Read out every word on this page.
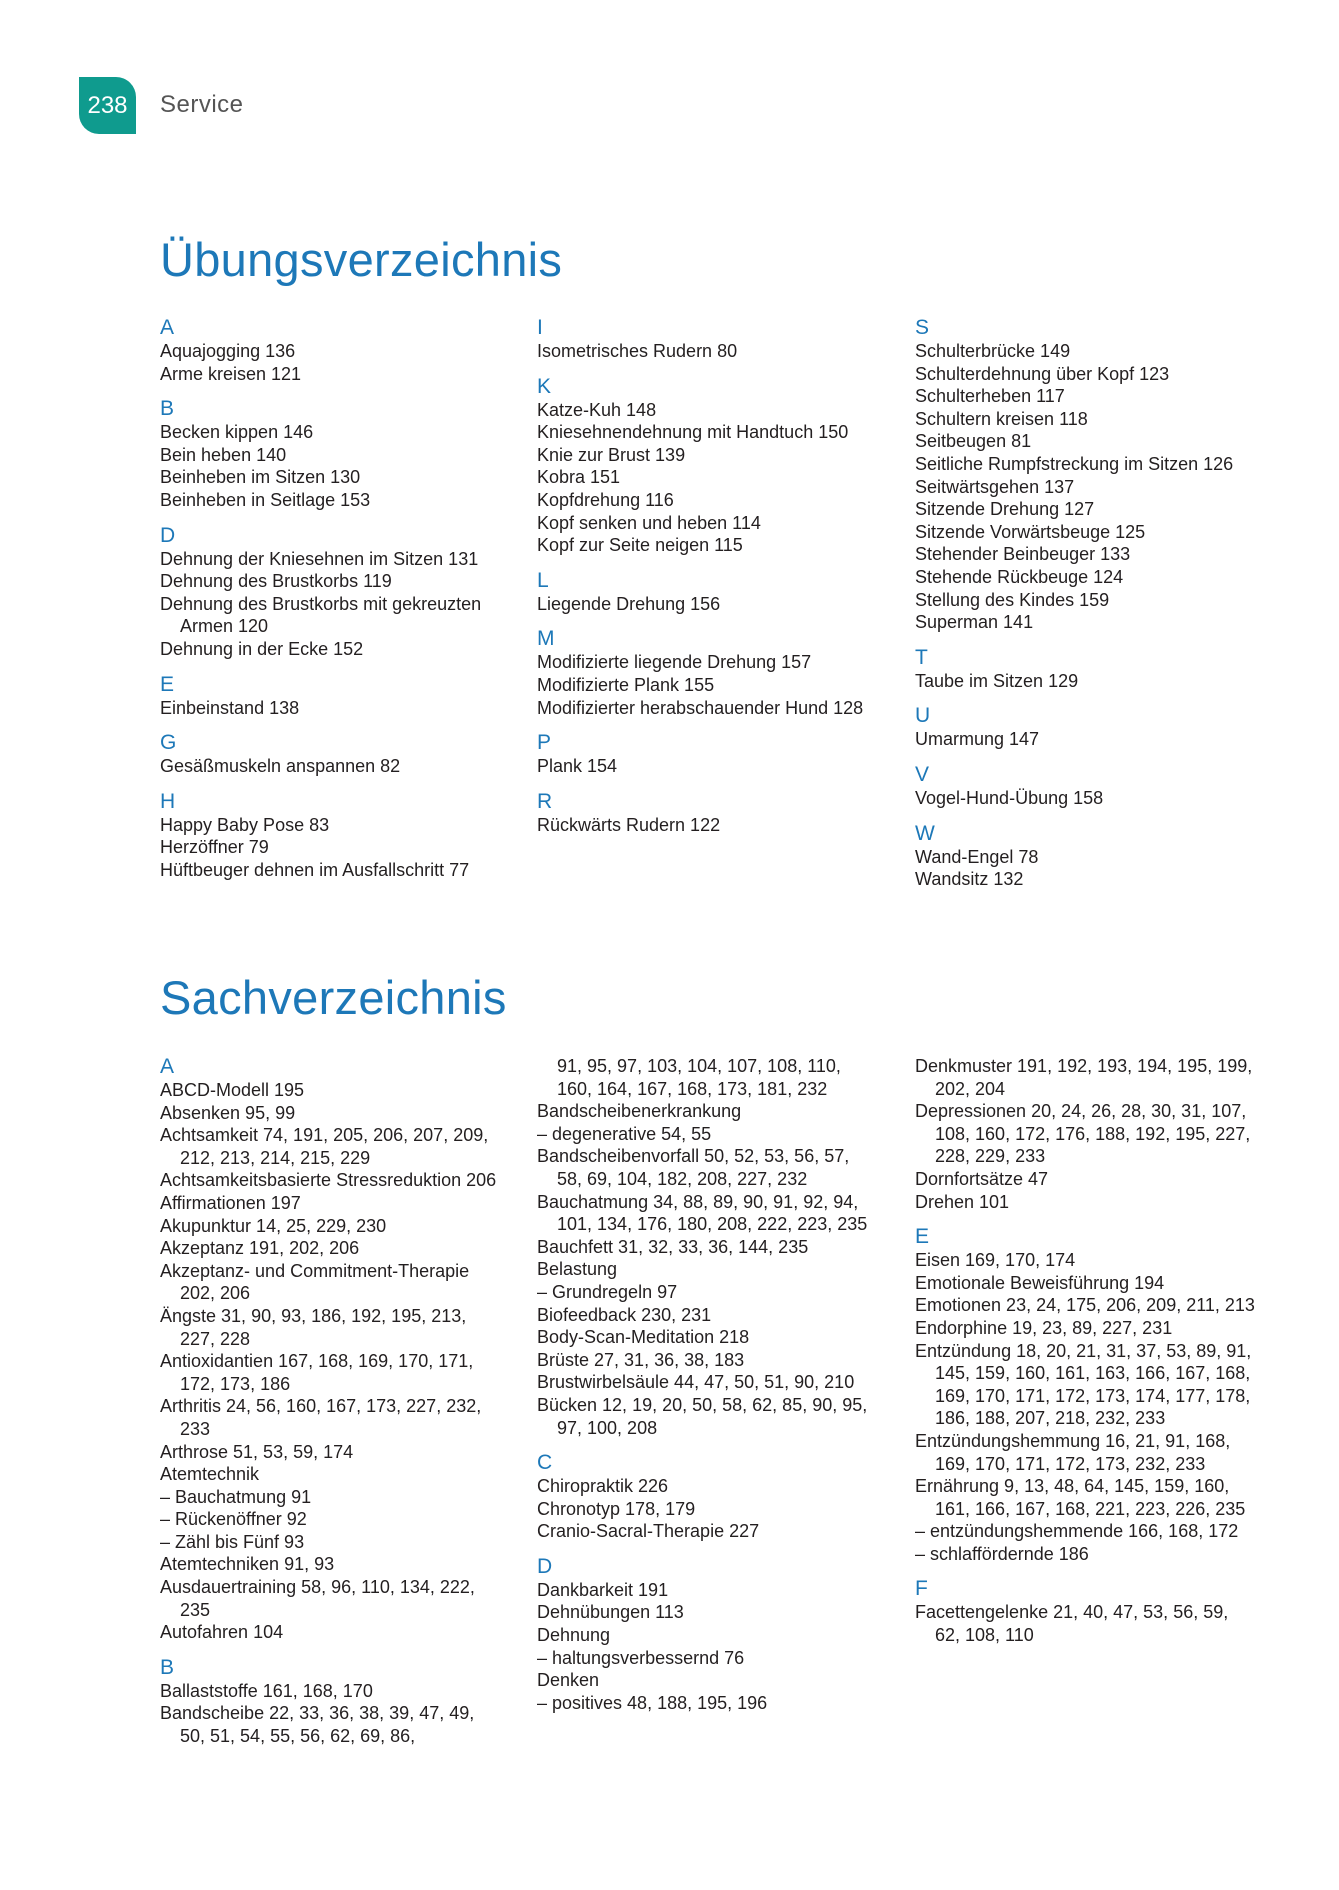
238	Service
Übungsverzeichnis
A
Aquajogging 136
Arme kreisen 121
B
Becken kippen 146
Bein heben 140
Beinheben im Sitzen 130
Beinheben in Seitlage 153
D
Dehnung der Kniesehnen im Sitzen 131
Dehnung des Brustkorbs 119
Dehnung des Brustkorbs mit gekreuzten Armen 120
Dehnung in der Ecke 152
E
Einbeinstand 138
G
Gesäßmuskeln anspannen 82
H
Happy Baby Pose 83
Herzöffner 79
Hüftbeuger dehnen im Ausfallschritt 77
I
Isometrisches Rudern 80
K
Katze-Kuh 148
Kniesehnendehnung mit Handtuch 150
Knie zur Brust 139
Kobra 151
Kopfdrehung 116
Kopf senken und heben 114
Kopf zur Seite neigen 115
L
Liegende Drehung 156
M
Modifizierte liegende Drehung 157
Modifizierte Plank 155
Modifizierter herabschauender Hund 128
P
Plank 154
R
Rückwärts Rudern 122
S
Schulterbrücke 149
Schulterdehnung über Kopf 123
Schulterheben 117
Schultern kreisen 118
Seitbeugen 81
Seitliche Rumpfstreckung im Sitzen 126
Seitwärtsgehen 137
Sitzende Drehung 127
Sitzende Vorwärtsbeuge 125
Stehender Beinbeuger 133
Stehende Rückbeuge 124
Stellung des Kindes 159
Superman 141
T
Taube im Sitzen 129
U
Umarmung 147
V
Vogel-Hund-Übung 158
W
Wand-Engel 78
Wandsitz 132
Sachverzeichnis
A
ABCD-Modell 195
Absenken 95, 99
Achtsamkeit 74, 191, 205, 206, 207, 209, 212, 213, 214, 215, 229
Achtsamkeitsbasierte Stressreduktion 206
Affirmationen 197
Akupunktur 14, 25, 229, 230
Akzeptanz 191, 202, 206
Akzeptanz- und Commitment-Therapie 202, 206
Ängste 31, 90, 93, 186, 192, 195, 213, 227, 228
Antioxidantien 167, 168, 169, 170, 171, 172, 173, 186
Arthritis 24, 56, 160, 167, 173, 227, 232, 233
Arthrose 51, 53, 59, 174
Atemtechnik
– Bauchatmung 91
– Rückenöffner 92
– Zähl bis Fünf 93
Atemtechniken 91, 93
Ausdauertraining 58, 96, 110, 134, 222, 235
Autofahren 104
B
Ballaststoffe 161, 168, 170
Bandscheibe 22, 33, 36, 38, 39, 47, 49, 50, 51, 54, 55, 56, 62, 69, 86,
91, 95, 97, 103, 104, 107, 108, 110, 160, 164, 167, 168, 173, 181, 232
Bandscheibenerkrankung
– degenerative 54, 55
Bandscheibenvorfall 50, 52, 53, 56, 57, 58, 69, 104, 182, 208, 227, 232
Bauchatmung 34, 88, 89, 90, 91, 92, 94, 101, 134, 176, 180, 208, 222, 223, 235
Bauchfett 31, 32, 33, 36, 144, 235
Belastung
– Grundregeln 97
Biofeedback 230, 231
Body-Scan-Meditation 218
Brüste 27, 31, 36, 38, 183
Brustwirbelsäule 44, 47, 50, 51, 90, 210
Bücken 12, 19, 20, 50, 58, 62, 85, 90, 95, 97, 100, 208
C
Chiropraktik 226
Chronotyp 178, 179
Cranio-Sacral-Therapie 227
D
Dankbarkeit 191
Dehnübungen 113
Dehnung
– haltungsverbessernd 76
Denken
– positives 48, 188, 195, 196
Denkmuster 191, 192, 193, 194, 195, 199, 202, 204
Depressionen 20, 24, 26, 28, 30, 31, 107, 108, 160, 172, 176, 188, 192, 195, 227, 228, 229, 233
Dornfortsätze 47
Drehen 101
E
Eisen 169, 170, 174
Emotionale Beweisführung 194
Emotionen 23, 24, 175, 206, 209, 211, 213
Endorphine 19, 23, 89, 227, 231
Entzündung 18, 20, 21, 31, 37, 53, 89, 91, 145, 159, 160, 161, 163, 166, 167, 168, 169, 170, 171, 172, 173, 174, 177, 178, 186, 188, 207, 218, 232, 233
Entzündungshemmung 16, 21, 91, 168, 169, 170, 171, 172, 173, 232, 233
Ernährung 9, 13, 48, 64, 145, 159, 160, 161, 166, 167, 168, 221, 223, 226, 235
– entzündungshemmende 166, 168, 172
– schlaffördernde 186
F
Facettengelenke 21, 40, 47, 53, 56, 59, 62, 108, 110
